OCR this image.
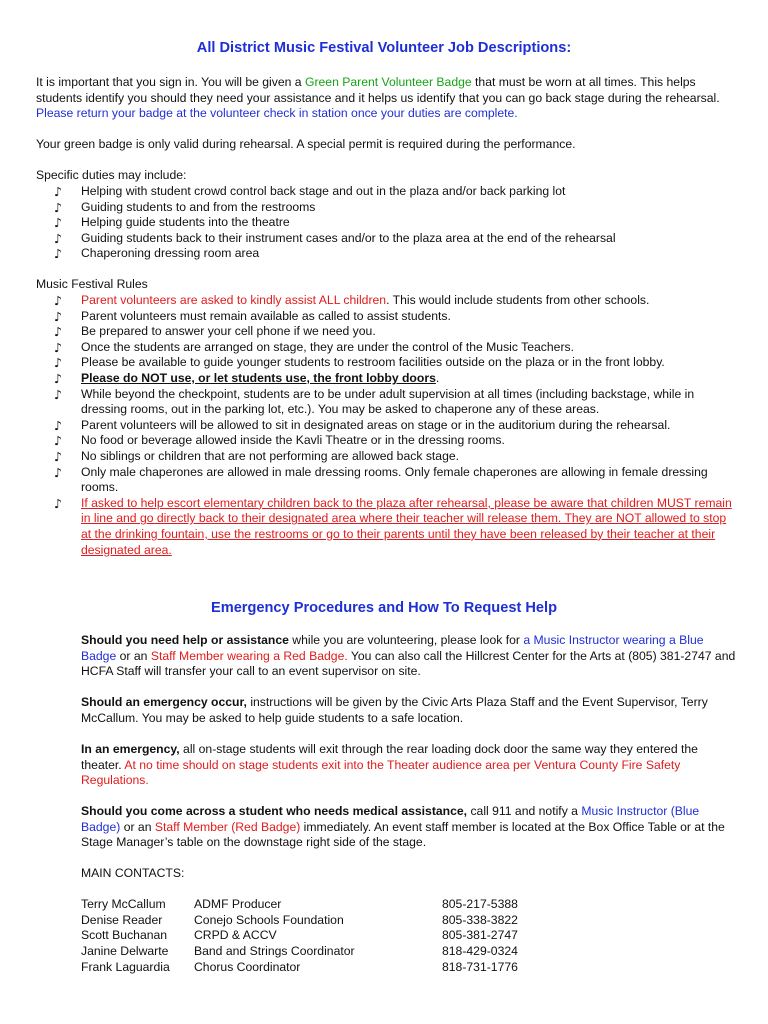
All District Music Festival Volunteer Job Descriptions:

It is important that you sign in. You will be given a Green Parent Volunteer Badge that must be worn at all times. This helps students identify you should they need your assistance and it helps us identify that you can go back stage during the rehearsal. Please return your badge at the volunteer check in station once your duties are complete.

Your green badge is only valid during rehearsal. A special permit is required during the performance.

Specific duties may include:

♪ Helping with student crowd control back stage and out in the plaza and/or back parking lot
♪ Guiding students to and from the restrooms
♪ Helping guide students into the theatre
♪ Guiding students back to their instrument cases and/or to the plaza area at the end of the rehearsal
♪ Chaperoning dressing room area

Music Festival Rules

♪ Parent volunteers are asked to kindly assist ALL children. This would include students from other schools.
♪ Parent volunteers must remain available as called to assist students.
♪ Be prepared to answer your cell phone if we need you.
♪ Once the students are arranged on stage, they are under the control of the Music Teachers.
♪ Please be available to guide younger students to restroom facilities outside on the plaza or in the front lobby.
♪ Please do NOT use, or let students use, the front lobby doors.
♪ While beyond the checkpoint, students are to be under adult supervision at all times (including backstage, while in dressing rooms, out in the parking lot, etc.). You may be asked to chaperone any of these areas.
♪ Parent volunteers will be allowed to sit in designated areas on stage or in the auditorium during the rehearsal.
♪ No food or beverage allowed inside the Kavli Theatre or in the dressing rooms.
♪ No siblings or children that are not performing are allowed back stage.
♪ Only male chaperones are allowed in male dressing rooms. Only female chaperones are allowing in female dressing rooms.
♪ If asked to help escort elementary children back to the plaza after rehearsal, please be aware that children MUST remain in line and go directly back to their designated area where their teacher will release them. They are NOT allowed to stop at the drinking fountain, use the restrooms or go to their parents until they have been released by their teacher at their designated area.
Emergency Procedures and How To Request Help

Should you need help or assistance while you are volunteering, please look for a Music Instructor wearing a Blue Badge or an Staff Member wearing a Red Badge. You can also call the Hillcrest Center for the Arts at (805) 381-2747 and HCFA Staff will transfer your call to an event supervisor on site.

Should an emergency occur, instructions will be given by the Civic Arts Plaza Staff and the Event Supervisor, Terry McCallum. You may be asked to help guide students to a safe location.

In an emergency, all on-stage students will exit through the rear loading dock door the same way they entered the theater. At no time should on stage students exit into the Theater audience area per Ventura County Fire Safety Regulations.

Should you come across a student who needs medical assistance, call 911 and notify a Music Instructor (Blue Badge) or an Staff Member (Red Badge) immediately. An event staff member is located at the Box Office Table or at the Stage Manager’s table on the downstage right side of the stage.

MAIN CONTACTS:

Terry McCallum	ADMF Producer	805-217-5388
Denise Reader	Conejo Schools Foundation	805-338-3822
Scott Buchanan	CRPD & ACCV	805-381-2747
Janine Delwarte	Band and Strings Coordinator	818-429-0324
Frank Laguardia	Chorus Coordinator	818-731-1776
